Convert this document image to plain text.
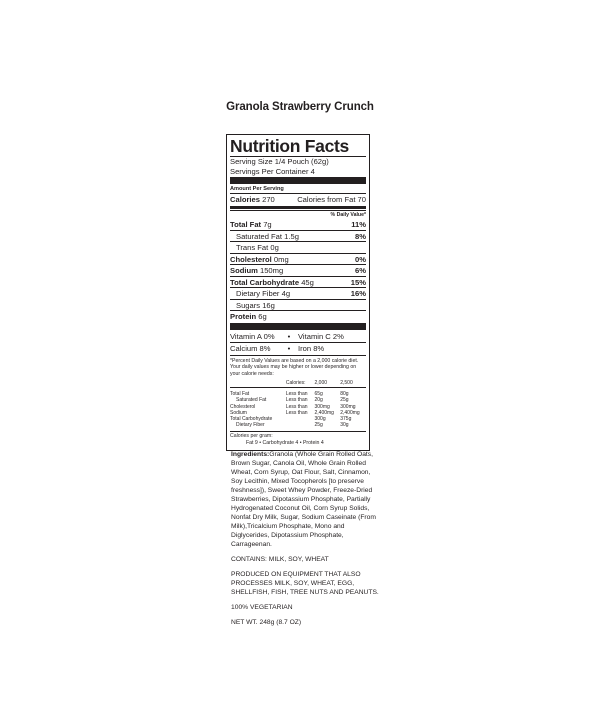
Granola Strawberry Crunch
Nutrition Facts
Serving Size 1/4 Pouch (62g)
Servings Per Container 4
Amount Per Serving
Calories 270	Calories from Fat 70
% Daily Value*
Total Fat 7g	11%
Saturated Fat 1.5g	8%
Trans Fat 0g
Cholesterol 0mg	0%
Sodium 150mg	6%
Total Carbohydrate 45g	15%
Dietary Fiber 4g	16%
Sugars 16g
Protein 6g
Vitamin A 0%	•	Vitamin C 2%
Calcium 8%	•	Iron 8%
*Percent Daily Values are based on a 2,000 calorie diet. Your daily values may be higher or lower depending on your calorie needs:
	Calories:	2,000	2,500
Total Fat	Less than	65g	80g
Saturated Fat	Less than	20g	25g
Cholesterol	Less than	300mg	300mg
Sodium	Less than	2,400mg	2,400mg
Total Carbohydrate		300g	375g
Dietary Fiber		25g	30g
Calories per gram:
Fat 9 • Carbohydrate 4 • Protein 4

Ingredients:Granola (Whole Grain Rolled Oats, Brown Sugar, Canola Oil, Whole Grain Rolled Wheat, Corn Syrup, Oat Flour, Salt, Cinnamon, Soy Lecithin, Mixed Tocopherols [to preserve freshness]), Sweet Whey Powder, Freeze-Dried Strawberries, Dipotassium Phosphate, Partially Hydrogenated Coconut Oil, Corn Syrup Solids, Nonfat Dry Milk, Sugar, Sodium Caseinate (From Milk),Tricalcium Phosphate, Mono and Diglycerides, Dipotassium Phosphate, Carrageenan.

CONTAINS: MILK, SOY, WHEAT

PRODUCED ON EQUIPMENT THAT ALSO PROCESSES MILK, SOY, WHEAT, EGG, SHELLFISH, FISH, TREE NUTS AND PEANUTS.

100% VEGETARIAN

NET WT. 248g (8.7 OZ)
